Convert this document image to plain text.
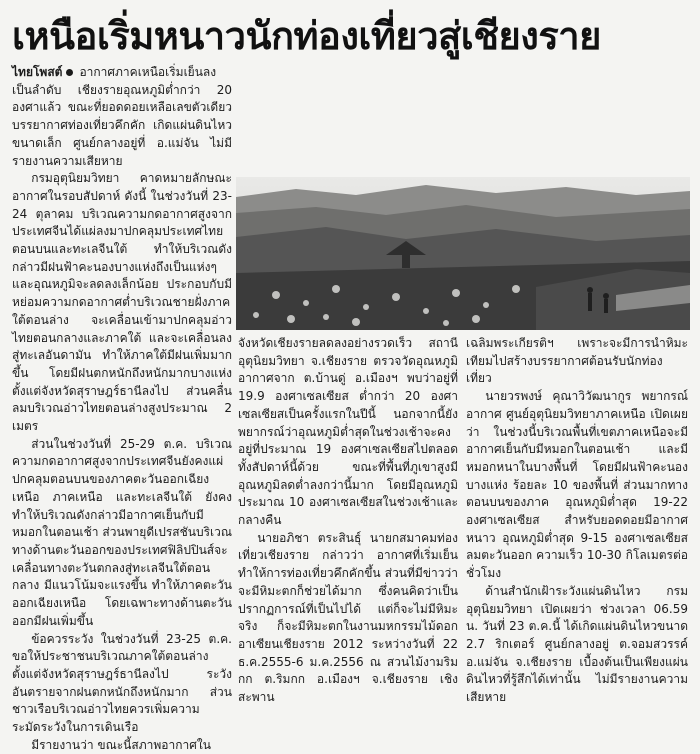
เหนือเริ่มหนาวนักท่องเที่ยวสู่เชียงราย

ไทยโพสต์ อากาศภาคเหนือเริ่มเย็นลงเป็นลำดับ เชียงรายอุณหภูมิต่ำกว่า 20 องศาแล้ว ขณะที่ยอดดอยเหลือเลขตัวเดียว บรรยากาศท่องเที่ยวคึกคัก เกิดแผ่นดินไหวขนาดเล็ก ศูนย์กลางอยู่ที่ อ.แม่จัน ไม่มีรายงานความเสียหาย

กรมอุตุนิยมวิทยา คาดหมายลักษณะอากาศในรอบสัปดาห์ ดังนี้ ในช่วงวันที่ 23-24 ตุลาคม บริเวณความกดอากาศสูงจากประเทศจีนได้แผ่ลงมาปกคลุมประเทศไทยตอนบนและทะเลจีนใต้ ทำให้บริเวณดังกล่าวมีฝนฟ้าคะนองบางแห่งถึงเป็นแห่งๆ และอุณหภูมิจะลดลงเล็กน้อย ประกอบกับมีหย่อมความกดอากาศต่ำบริเวณชายฝั่งภาคใต้ตอนล่าง จะเคลื่อนเข้ามาปกคลุมอ่าวไทยตอนกลางและภาคใต้ และจะเคลื่อนลงสู่ทะเลอันดามัน ทำให้ภาคใต้มีฝนเพิ่มมากขึ้น โดยมีฝนตกหนักถึงหนักมากบางแห่งตั้งแต่จังหวัดสุราษฎร์ธานีลงไป ส่วนคลื่นลมบริเวณอ่าวไทยตอนล่างสูงประมาณ 2 เมตร

ส่วนในช่วงวันที่ 25-29 ต.ค. บริเวณความกดอากาศสูงจากประเทศจีนยังคงแผ่ปกคลุมตอนบนของภาคตะวันออกเฉียงเหนือ ภาคเหนือ และทะเลจีนใต้ ยังคงทำให้บริเวณดังกล่าวมีอากาศเย็นกับมีหมอกในตอนเช้า ส่วนพายุดีเปรสชันบริเวณทางด้านตะวันออกของประเทศฟิลิปปินส์จะเคลื่อนทางตะวันตกลงสู่ทะเลจีนใต้ตอนกลาง มีแนวโน้มจะแรงขึ้น ทำให้ภาคตะวันออกเฉียงเหนือ โดยเฉพาะทางด้านตะวันออกมีฝนเพิ่มขึ้น

ข้อควรระวัง ในช่วงวันที่ 23-25 ต.ค. ขอให้ประชาชนบริเวณภาคใต้ตอนล่างตั้งแต่จังหวัดสุราษฎร์ธานีลงไป ระวังอันตรายจากฝนตกหนักถึงหนักมาก ส่วนชาวเรือบริเวณอ่าวไทยควรเพิ่มความระมัดระวังในการเดินเรือ

มีรายงานว่า ขณะนี้สภาพอากาศใน

จังหวัดเชียงรายลดลงอย่างรวดเร็ว สถานีอุตุนิยมวิทยา จ.เชียงราย ตรวจวัดอุณหภูมิอากาศจาก ต.บ้านดู่ อ.เมืองฯ พบว่าอยู่ที่ 19.9 องศาเซลเซียส ต่ำกว่า 20 องศาเซลเซียสเป็นครั้งแรกในปีนี้ นอกจากนี้ยังพยากรณ์ว่าอุณหภูมิต่ำสุดในช่วงเช้าจะคงอยู่ที่ประมาณ 19 องศาเซลเซียสไปตลอดทั้งสัปดาห์นี้ด้วย ขณะที่พื้นที่ภูเขาสูงมีอุณหภูมิลดต่ำลงกว่านี้มาก โดยมีอุณหภูมิประมาณ 10 องศาเซลเซียสในช่วงเช้าและกลางคืน

นายอภิชา ตระสินธุ์ นายกสมาคมท่องเที่ยวเชียงราย กล่าวว่า อากาศที่เริ่มเย็นทำให้การท่องเที่ยวคึกคักขึ้น ส่วนที่มีข่าวว่าจะมีหิมะตกก็ช่วยได้มาก ซึ่งคนคิดว่าเป็นปรากฏการณ์ที่เป็นไปได้ แต่ก็จะไม่มีหิมะจริง ก็จะมีหิมะตกในงานมหกรรมไม้ดอกอาเซียนเชียงราย 2012 ระหว่างวันที่ 22 ธ.ค.2555-6 ม.ค.2556 ณ สวนไม้งามริมกก ต.ริมกก อ.เมืองฯ จ.เชียงราย เชิงสะพาน

เฉลิมพระเกียรติฯ เพราะจะมีการนำหิมะเทียมไปสร้างบรรยากาศต้อนรับนักท่องเที่ยว

นายวรพงษ์ คุณาวิวัฒนากูร พยากรณ์อากาศ ศูนย์อุตุนิยมวิทยาภาคเหนือ เปิดเผยว่า ในช่วงนี้บริเวณพื้นที่เขตภาคเหนือจะมีอากาศเย็นกับมีหมอกในตอนเช้า และมีหมอกหนาในบางพื้นที่ โดยมีฝนฟ้าคะนองบางแห่ง ร้อยละ 10 ของพื้นที่ ส่วนมากทางตอนบนของภาค อุณหภูมิต่ำสุด 19-22 องศาเซลเซียส สำหรับยอดดอยมีอากาศหนาว อุณหภูมิต่ำสุด 9-15 องศาเซลเซียส ลมตะวันออก ความเร็ว 10-30 กิโลเมตรต่อชั่วโมง

ด้านสำนักเฝ้าระวังแผ่นดินไหว กรมอุตุนิยมวิทยา เปิดเผยว่า ช่วงเวลา 06.59 น. วันที่ 23 ต.ค.นี้ ได้เกิดแผ่นดินไหวขนาด 2.7 ริกเตอร์ ศูนย์กลางอยู่ ต.จอมสวรรค์ อ.แม่จัน จ.เชียงราย เบื้องต้นเป็นเพียงแผ่นดินไหวที่รู้สึกได้เท่านั้น ไม่มีรายงานความเสียหาย
